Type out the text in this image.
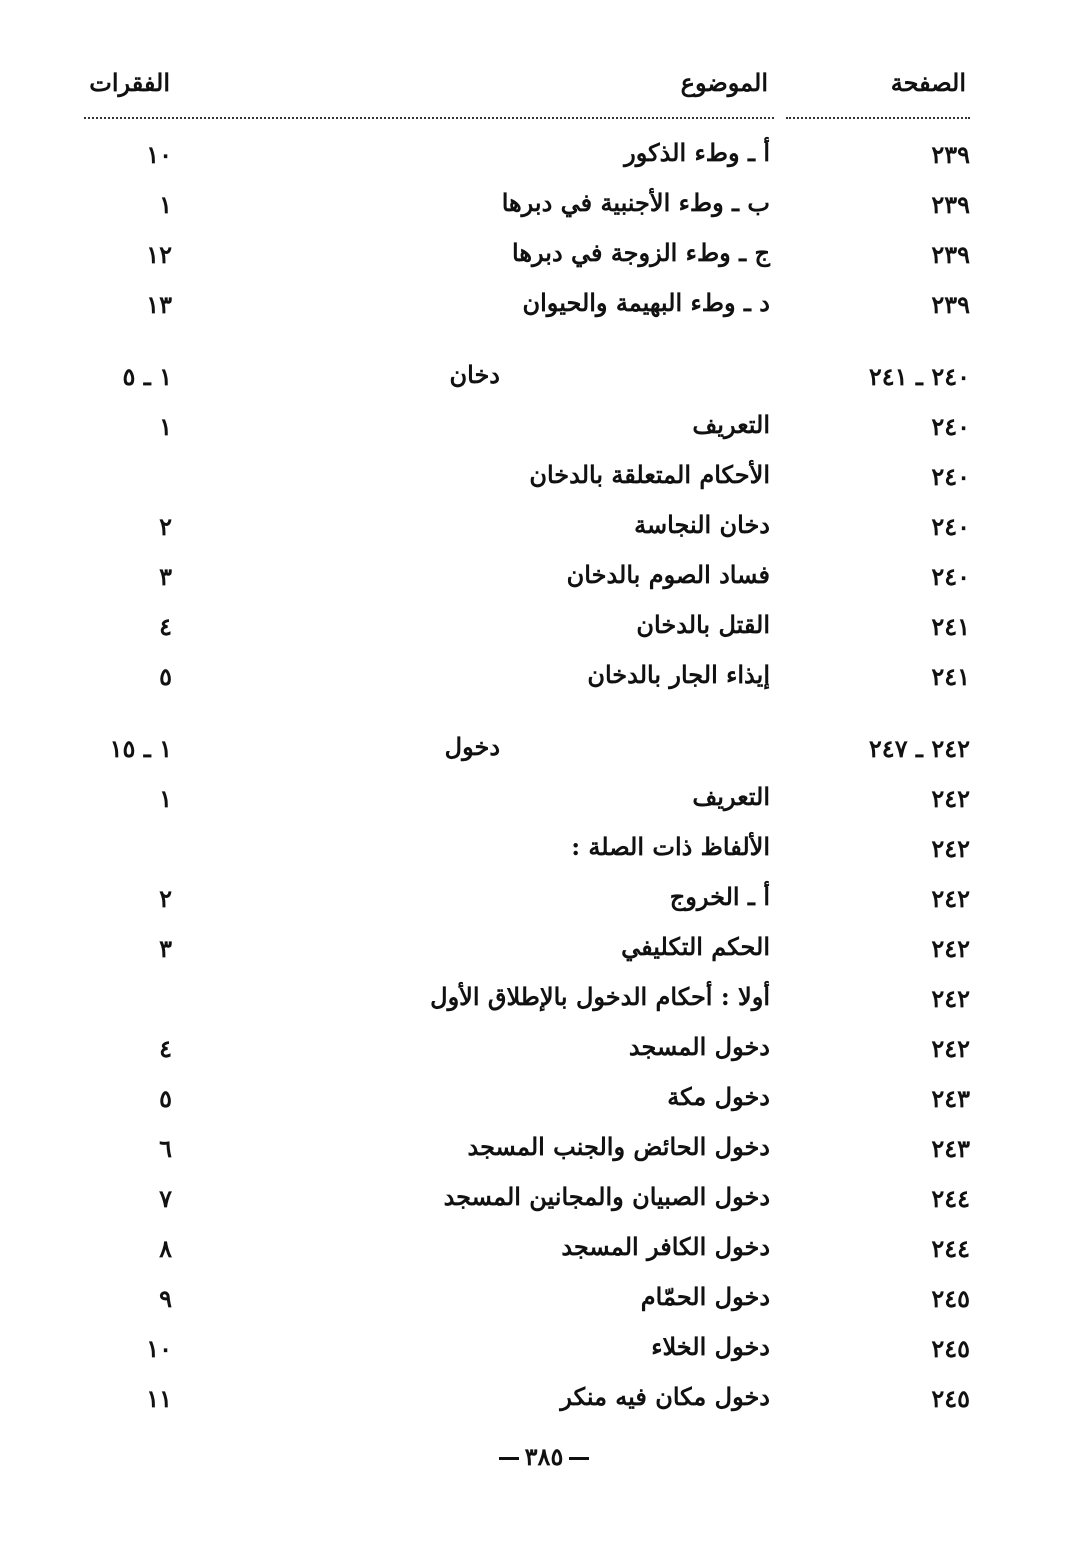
الصفحة
الموضوع
الفقرات
٢٣٩
أ ـ وطء الذكور
١٠
٢٣٩
ب ـ وطء الأجنبية في دبرها
١
٢٣٩
ج ـ وطء الزوجة في دبرها
١٢
٢٣٩
د ـ وطء البهيمة والحيوان
١٣
٢٤٠ ـ ٢٤١
دخان
١ ـ ٥
٢٤٠
التعريف
١
٢٤٠
الأحكام المتعلقة بالدخان
٢٤٠
دخان النجاسة
٢
٢٤٠
فساد الصوم بالدخان
٣
٢٤١
القتل بالدخان
٤
٢٤١
إيذاء الجار بالدخان
٥
٢٤٢ ـ ٢٤٧
دخول
١ ـ ١٥
٢٤٢
التعريف
١
٢٤٢
الألفاظ ذات الصلة :
٢٤٢
أ ـ الخروج
٢
٢٤٢
الحكم التكليفي
٣
٢٤٢
أولا : أحكام الدخول بالإطلاق الأول
٢٤٢
دخول المسجد
٤
٢٤٣
دخول مكة
٥
٢٤٣
دخول الحائض والجنب المسجد
٦
٢٤٤
دخول الصبيان والمجانين المسجد
٧
٢٤٤
دخول الكافر المسجد
٨
٢٤٥
دخول الحمّام
٩
٢٤٥
دخول الخلاء
١٠
٢٤٥
دخول مكان فيه منكر
١١
٣٨٥
